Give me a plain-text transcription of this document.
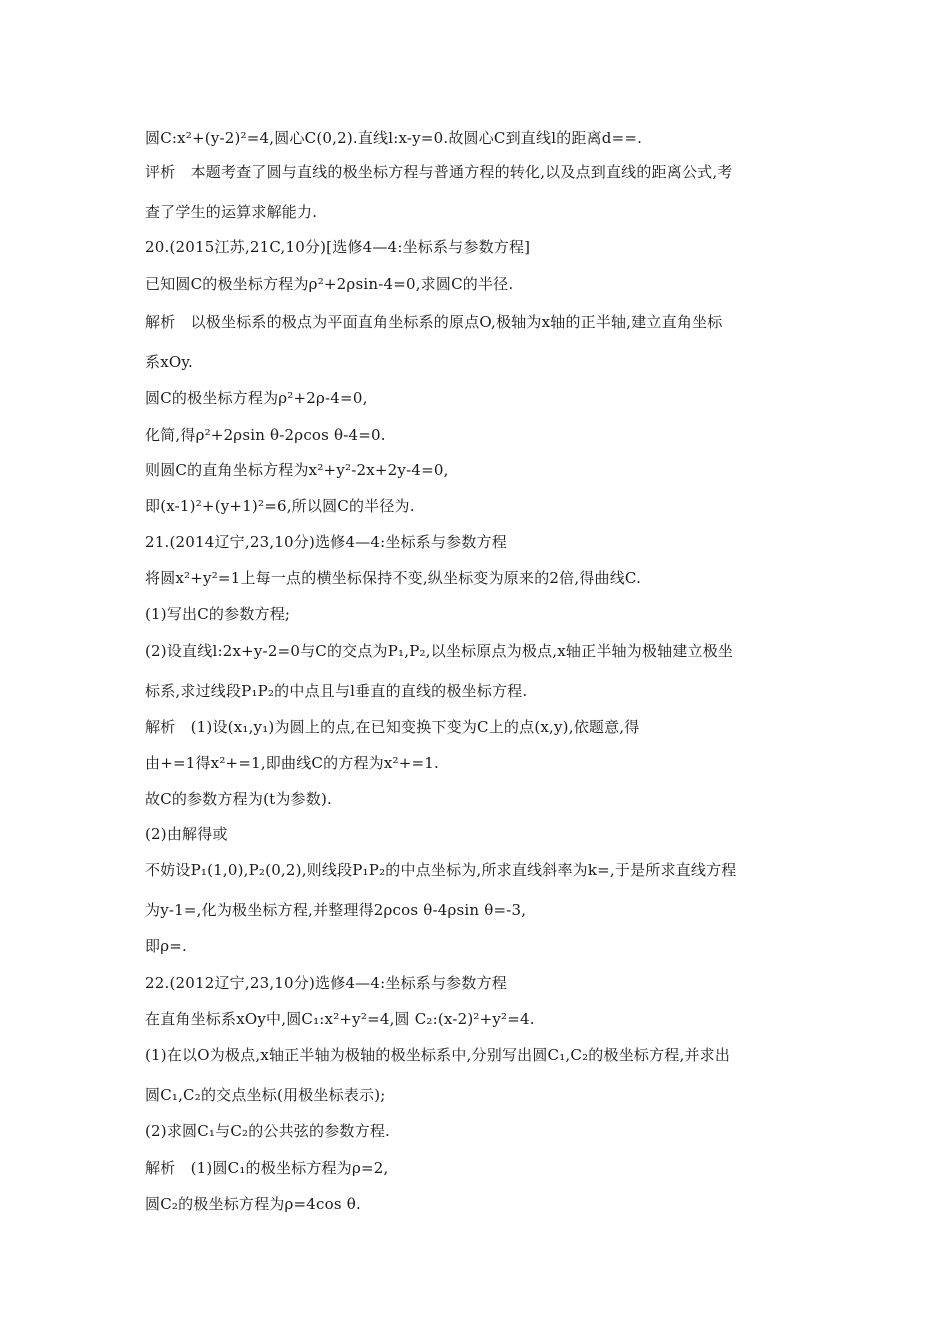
圆C:x²+(y-2)²=4,圆心C(0,2).直线l:x-y=0.故圆心C到直线l的距离d==.
评析　本题考查了圆与直线的极坐标方程与普通方程的转化,以及点到直线的距离公式,考
查了学生的运算求解能力.
20.(2015江苏,21C,10分)[选修4—4:坐标系与参数方程]
已知圆C的极坐标方程为ρ²+2ρsin-4=0,求圆C的半径.
解析　以极坐标系的极点为平面直角坐标系的原点O,极轴为x轴的正半轴,建立直角坐标
系xOy.
圆C的极坐标方程为ρ²+2ρ-4=0,
化简,得ρ²+2ρsin θ-2ρcos θ-4=0.
则圆C的直角坐标方程为x²+y²-2x+2y-4=0,
即(x-1)²+(y+1)²=6,所以圆C的半径为.
21.(2014辽宁,23,10分)选修4—4:坐标系与参数方程
将圆x²+y²=1上每一点的横坐标保持不变,纵坐标变为原来的2倍,得曲线C.
(1)写出C的参数方程;
(2)设直线l:2x+y-2=0与C的交点为P₁,P₂,以坐标原点为极点,x轴正半轴为极轴建立极坐
标系,求过线段P₁P₂的中点且与l垂直的直线的极坐标方程.
解析　(1)设(x₁,y₁)为圆上的点,在已知变换下变为C上的点(x,y),依题意,得
由+=1得x²+=1,即曲线C的方程为x²+=1.
故C的参数方程为(t为参数).
(2)由解得或
不妨设P₁(1,0),P₂(0,2),则线段P₁P₂的中点坐标为,所求直线斜率为k=,于是所求直线方程
为y-1=,化为极坐标方程,并整理得2ρcos θ-4ρsin θ=-3,
即ρ=.
22.(2012辽宁,23,10分)选修4—4:坐标系与参数方程
在直角坐标系xOy中,圆C₁:x²+y²=4,圆 C₂:(x-2)²+y²=4.
(1)在以O为极点,x轴正半轴为极轴的极坐标系中,分别写出圆C₁,C₂的极坐标方程,并求出
圆C₁,C₂的交点坐标(用极坐标表示);
(2)求圆C₁与C₂的公共弦的参数方程.
解析　(1)圆C₁的极坐标方程为ρ=2,
圆C₂的极坐标方程为ρ=4cos θ.
